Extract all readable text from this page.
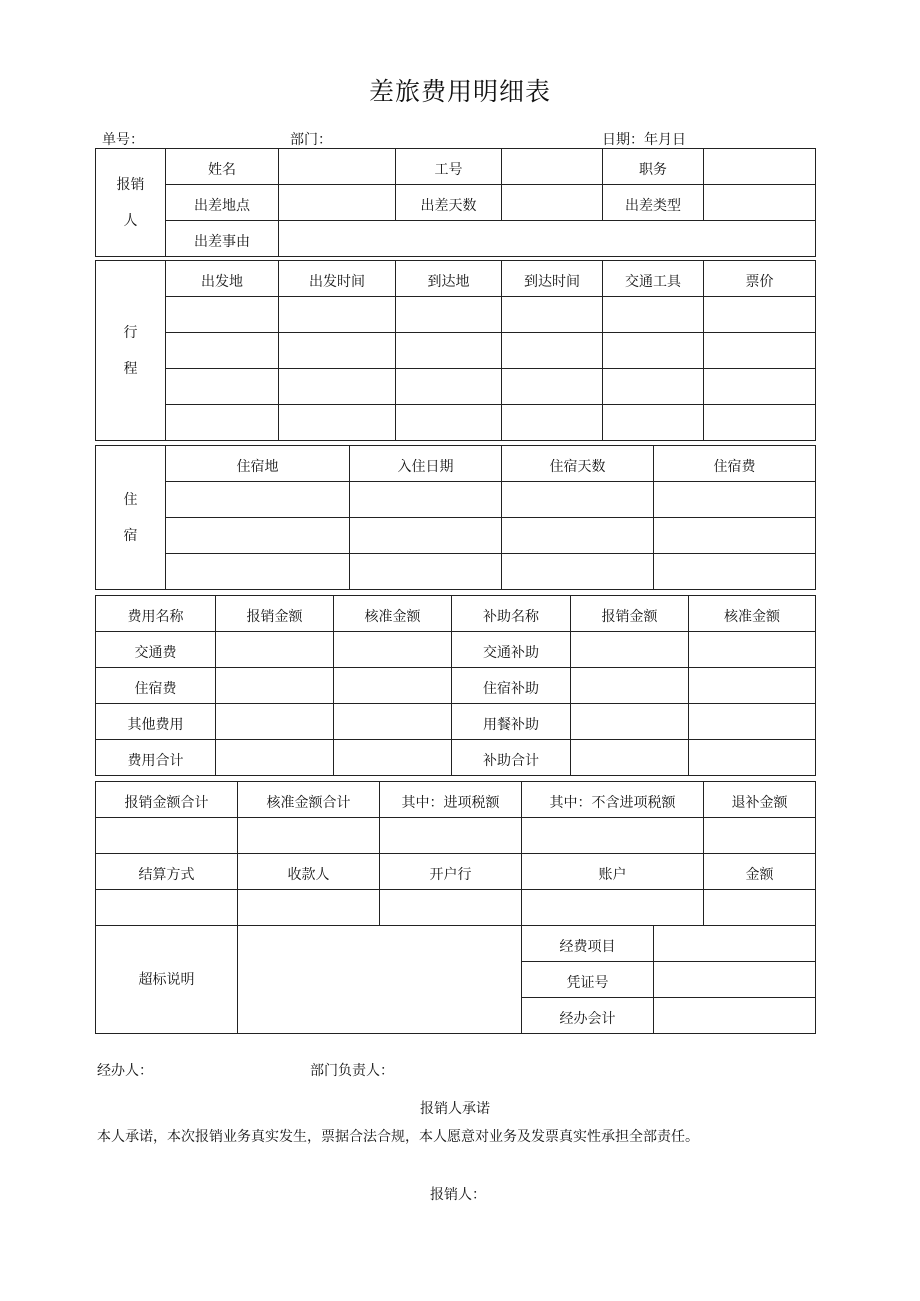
差旅费用明细表
单号：	部门：	日期：年月日
报销
人	姓名		工号		职务	
	出差地点		出差天数		出差类型	
	出差事由					
行
程	出发地	出发时间	到达地	到达时间	交通工具	票价

住
宿	住宿地	入住日期	住宿天数	住宿费

费用名称	报销金额	核准金额	补助名称	报销金额	核准金额
交通费			交通补助		
住宿费			住宿补助		
其他费用			用餐补助		
费用合计			补助合计		
报销金额合计	核准金额合计	其中：进项税额	其中：不含进项税额		退补金额

结算方式	收款人	开户行	账户		金额

超标说明			经费项目		
			凭证号		
			经办会计		
经办人：	部门负责人：
报销人承诺
本人承诺，本次报销业务真实发生，票据合法合规，本人愿意对业务及发票真实性承担全部责任。
报销人：
